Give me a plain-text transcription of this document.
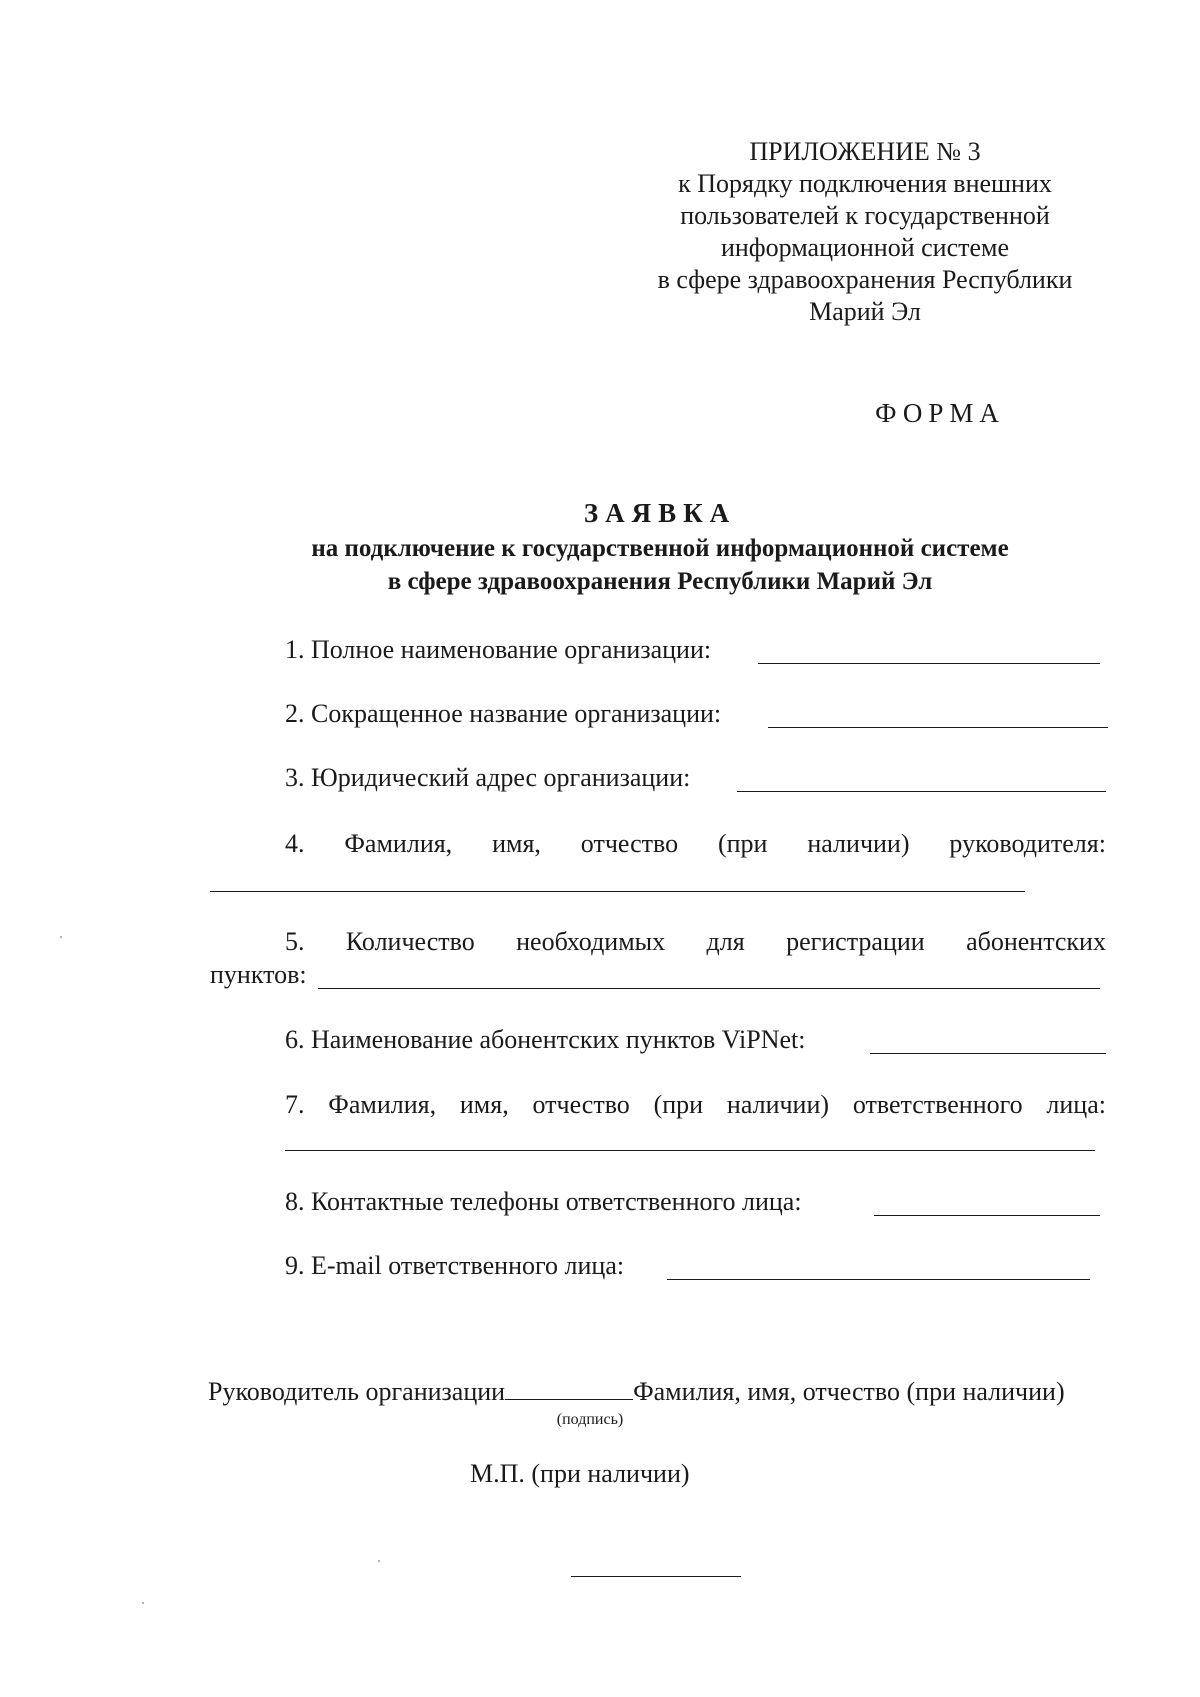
ПРИЛОЖЕНИЕ № 3
к Порядку подключения внешних
пользователей к государственной
информационной системе
в сфере здравоохранения Республики
Марий Эл
ФОРМА
ЗАЯВКА
на подключение к государственной информационной системе
в сфере здравоохранения Республики Марий Эл
1. Полное наименование организации:
2. Сокращенное название организации:
3. Юридический адрес организации:
4. Фамилия, имя, отчество (при наличии) руководителя:
5. Количество необходимых для регистрации абонентских
пунктов:
6. Наименование абонентских пунктов ViPNet:
7. Фамилия, имя, отчество (при наличии) ответственного лица:
8. Контактные телефоны ответственного лица:
9. E-mail ответственного лица:
Руководитель организации	Фамилия, имя, отчество (при наличии)
(подпись)
М.П. (при наличии)
